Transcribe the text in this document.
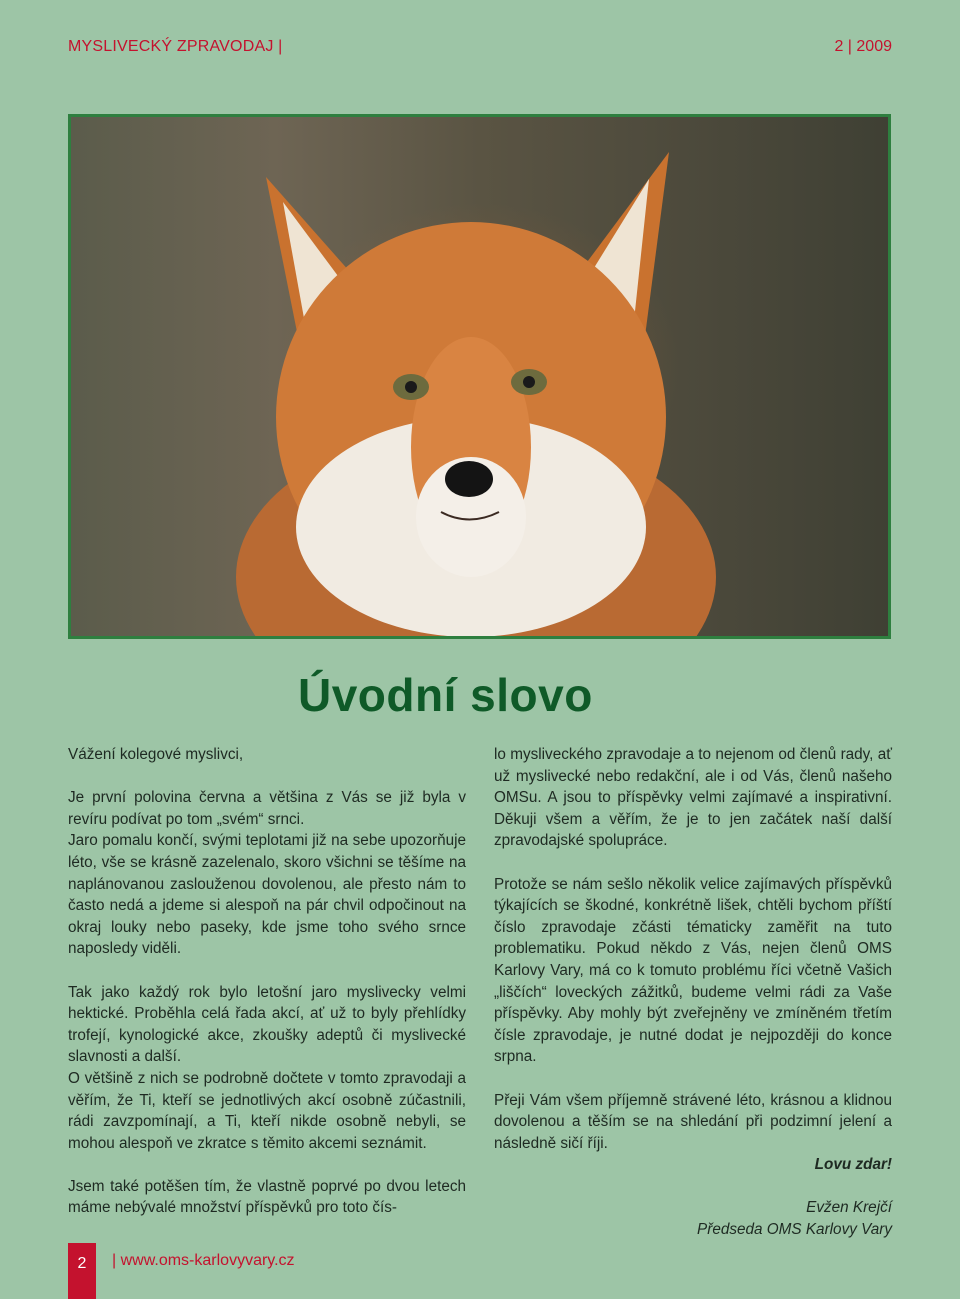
MYSLIVECKÝ ZPRAVODAJ |	2 | 2009
Úvodní slovo

Vážení kolegové myslivci,

Je první polovina června a většina z Vás se již byla v revíru podívat po tom „svém“ srnci.

Jaro pomalu končí, svými teplotami již na sebe upozorňuje léto, vše se krásně zazelenalo, skoro všichni se těšíme na naplánovanou zaslouženou dovolenou, ale přesto nám to často nedá a jdeme si alespoň na pár chvil odpočinout na okraj louky nebo paseky, kde jsme toho svého srnce naposledy viděli.

Tak jako každý rok bylo letošní jaro myslivecky velmi hektické. Proběhla celá řada akcí, ať už to byly přehlídky trofejí, kynologické akce, zkoušky adeptů či myslivecké slavnosti a další.

O většině z nich se podrobně dočtete v tomto zpravodaji a věřím, že Ti, kteří se jednotlivých akcí osobně zúčastnili, rádi zavzpomínají, a Ti, kteří nikde osobně nebyli, se mohou alespoň ve zkratce s těmito akcemi seznámit.

Jsem také potěšen tím, že vlastně poprvé po dvou letech máme nebývalé množství příspěvků pro toto čís-

lo mysliveckého zpravodaje a to nejenom od členů rady, ať už myslivecké nebo redakční, ale i od Vás, členů našeho OMSu. A jsou to příspěvky velmi zajímavé a inspirativní. Děkuji všem a věřím, že je to jen začátek naší další zpravodajské spolupráce.

Protože se nám sešlo několik velice zajímavých příspěvků týkajících se škodné, konkrétně lišek, chtěli bychom příští číslo zpravodaje zčásti tématicky zaměřit na tuto problematiku. Pokud někdo z Vás, nejen členů OMS Karlovy Vary, má co k tomuto problému říci včetně Vašich „liščích“ loveckých zážitků, budeme velmi rádi za Vaše příspěvky. Aby mohly být zveřejněny ve zmíněném třetím čísle zpravodaje, je nutné dodat je nejpozději do konce srpna.

Přeji Vám všem příjemně strávené léto, krásnou a klidnou dovolenou a těším se na shledání při podzimní jelení a následně sičí říji.

Lovu zdar!

Evžen Krejčí

Předseda OMS Karlovy Vary

2	| www.oms-karlovyvary.cz
